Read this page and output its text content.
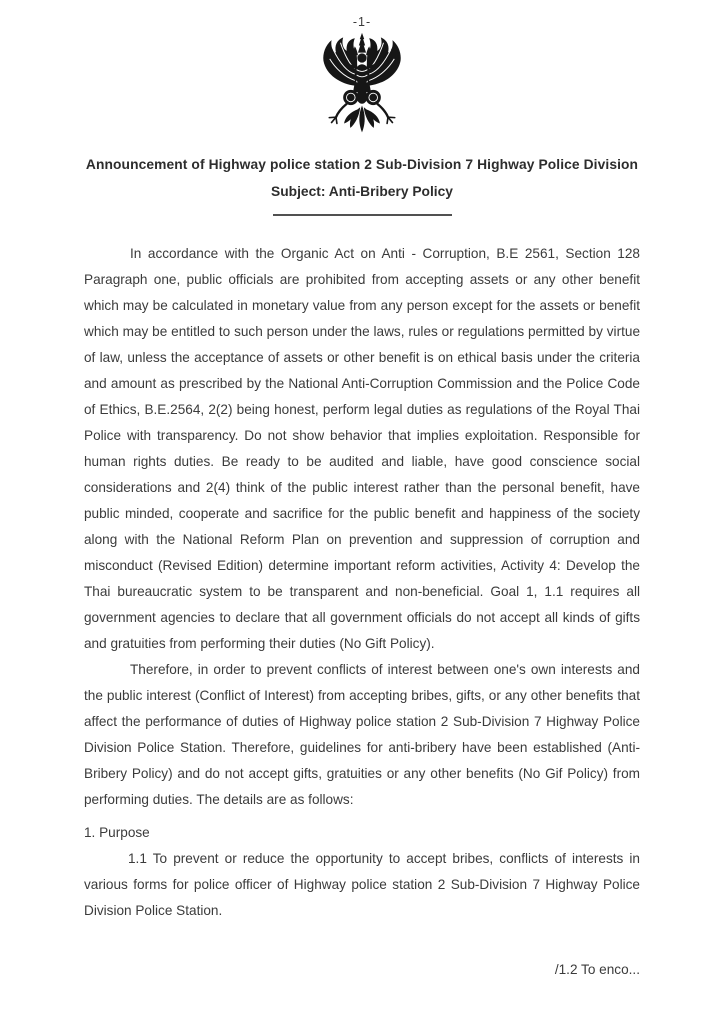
-1-
Announcement of Highway police station 2 Sub-Division 7 Highway Police Division
Subject: Anti-Bribery Policy

In accordance with the Organic Act on Anti - Corruption, B.E 2561, Section 128 Paragraph one, public officials are prohibited from accepting assets or any other benefit which may be calculated in monetary value from any person except for the assets or benefit which may be entitled to such person under the laws, rules or regulations permitted by virtue of law, unless the acceptance of assets or other benefit is on ethical basis under the criteria and amount as prescribed by the National Anti-Corruption Commission and the Police Code of Ethics, B.E.2564, 2(2) being honest, perform legal duties as regulations of the Royal Thai Police with transparency. Do not show behavior that implies exploitation. Responsible for human rights duties. Be ready to be audited and liable, have good conscience social considerations and 2(4) think of the public interest rather than the personal benefit, have public minded, cooperate and sacrifice for the public benefit and happiness of the society along with the National Reform Plan on prevention and suppression of corruption and misconduct (Revised Edition) determine important reform activities, Activity 4: Develop the Thai bureaucratic system to be transparent and non-beneficial. Goal 1, 1.1 requires all government agencies to declare that all government officials do not accept all kinds of gifts and gratuities from performing their duties (No Gift Policy).

Therefore, in order to prevent conflicts of interest between one's own interests and the public interest (Conflict of Interest) from accepting bribes, gifts, or any other benefits that affect the performance of duties of Highway police station 2 Sub-Division 7 Highway Police Division Police Station. Therefore, guidelines for anti-bribery have been established (Anti-Bribery Policy) and do not accept gifts, gratuities or any other benefits (No Gif Policy) from performing duties. The details are as follows:

1. Purpose

1.1 To prevent or reduce the opportunity to accept bribes, conflicts of interests in various forms for police officer of Highway police station 2 Sub-Division 7 Highway Police Division Police Station.

/1.2 To enco...
